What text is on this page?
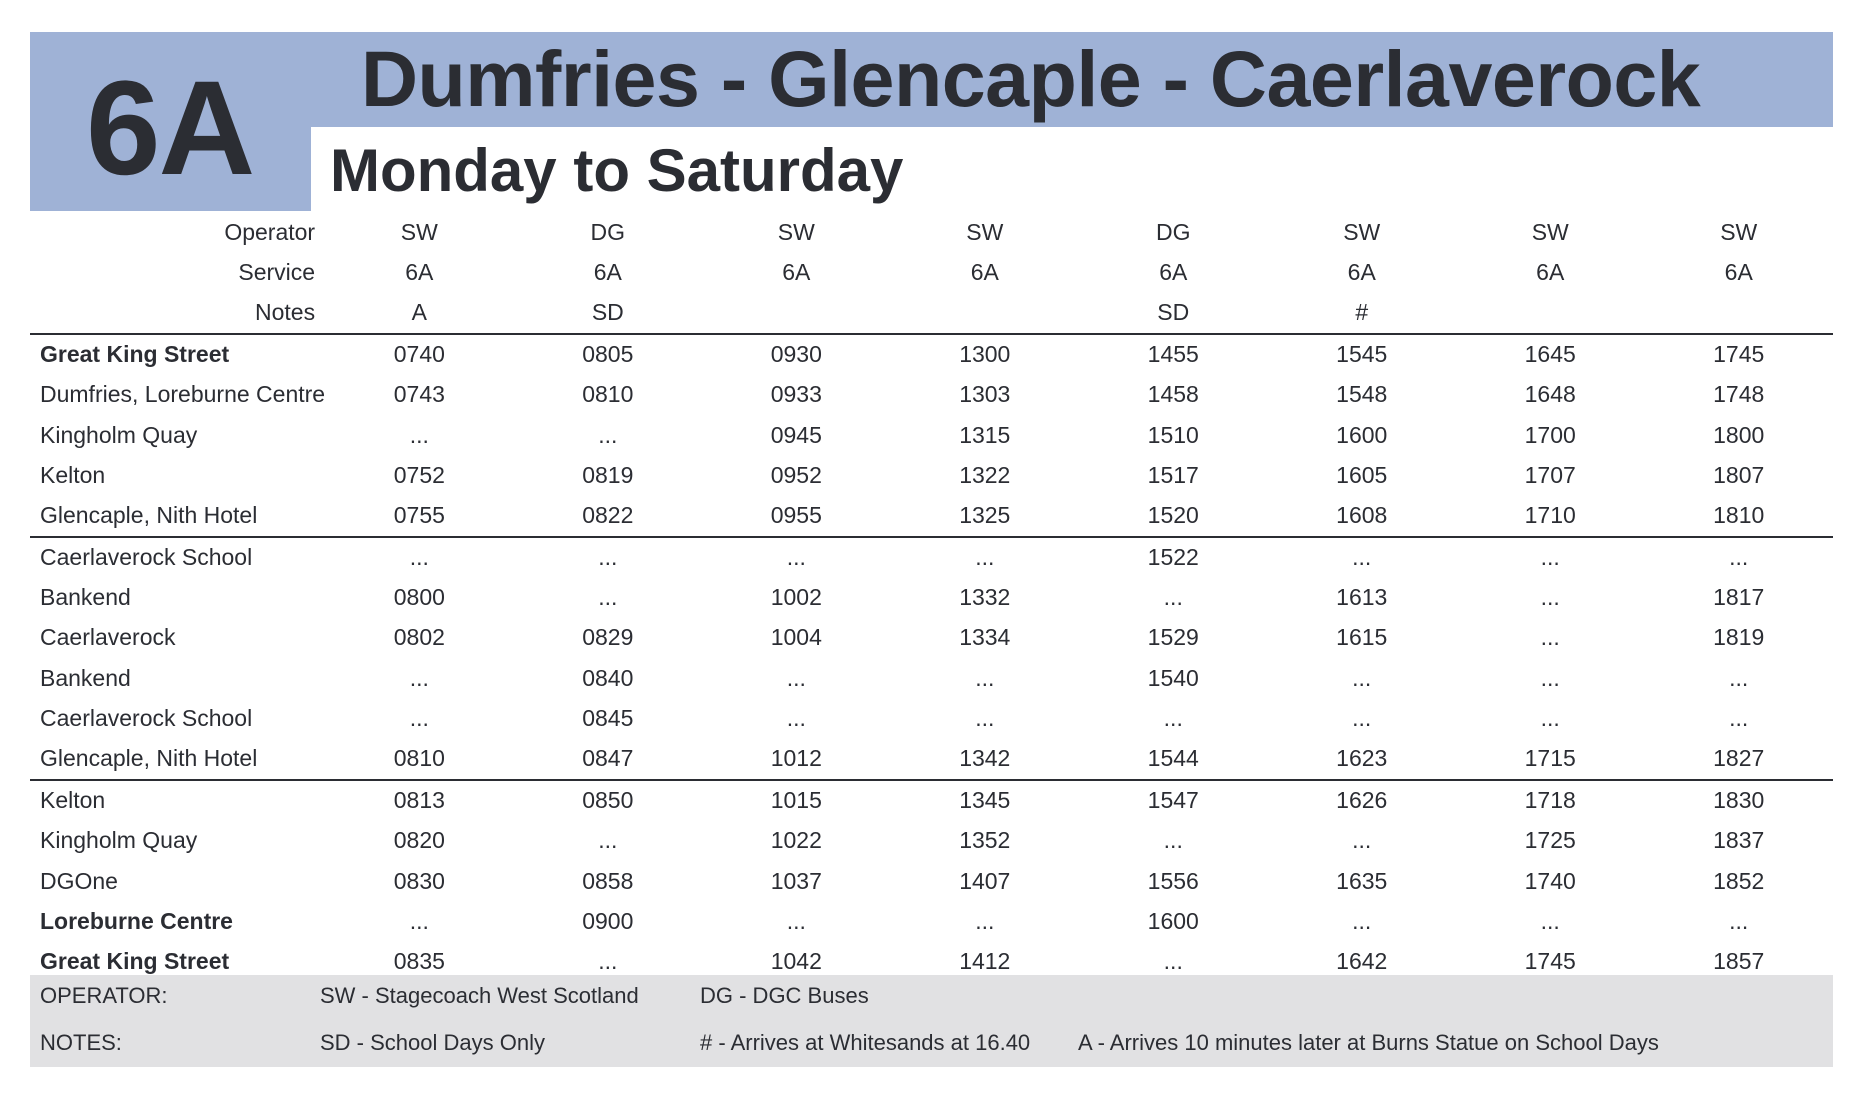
6A Dumfries - Glencaple - Caerlaverock
Monday to Saturday
Operator	SW	DG	SW	SW	DG	SW	SW	SW
Service	6A	6A	6A	6A	6A	6A	6A	6A
Notes	A	SD			SD	#		
Great King Street	0740	0805	0930	1300	1455	1545	1645	1745
Dumfries, Loreburne Centre	0743	0810	0933	1303	1458	1548	1648	1748
Kingholm Quay	...	...	0945	1315	1510	1600	1700	1800
Kelton	0752	0819	0952	1322	1517	1605	1707	1807
Glencaple, Nith Hotel	0755	0822	0955	1325	1520	1608	1710	1810
Caerlaverock School	...	...	...	...	1522	...	...	...
Bankend	0800	...	1002	1332	...	1613	...	1817
Caerlaverock	0802	0829	1004	1334	1529	1615	...	1819
Bankend	...	0840	...	...	1540	...	...	...
Caerlaverock School	...	0845	...	...	...	...	...	...
Glencaple, Nith Hotel	0810	0847	1012	1342	1544	1623	1715	1827
Kelton	0813	0850	1015	1345	1547	1626	1718	1830
Kingholm Quay	0820	...	1022	1352	...	...	1725	1837
DGOne	0830	0858	1037	1407	1556	1635	1740	1852
Loreburne Centre	...	0900	...	...	1600	...	...	...
Great King Street	0835	...	1042	1412	...	1642	1745	1857
OPERATOR:	SW - Stagecoach West Scotland	DG - DGC Buses
NOTES:	SD - School Days Only	# - Arrives at Whitesands at 16.40 A - Arrives 10 minutes later at Burns Statue on School Days
